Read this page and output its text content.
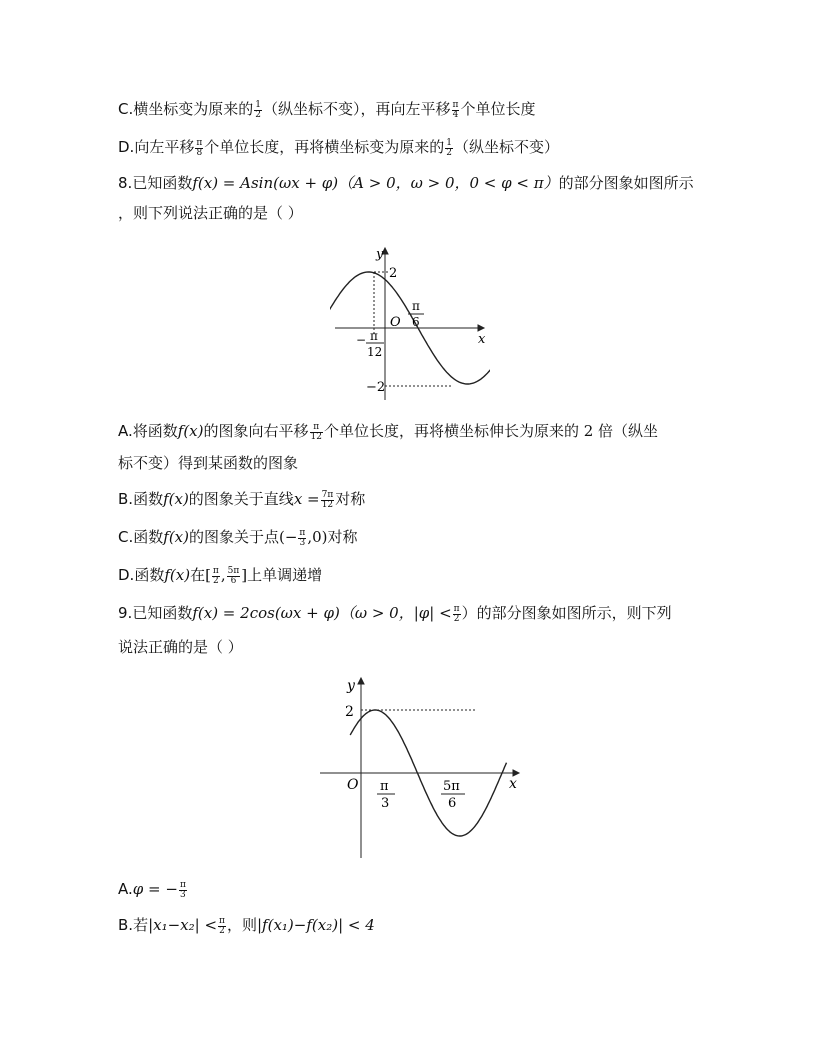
C.横坐标变为原来的 $\frac{1}{2}$ （纵坐标不变），再向左平移 $\frac{\pi}{4}$ 个单位长度
D.向左平移 $\frac{\pi}{8}$ 个单位长度，再将横坐标变为原来的 $\frac{1}{2}$ （纵坐标不变）
8.已知函数f(x) = Asin(ωx + φ)（A > 0，ω > 0，0 < φ < π）的部分图象如图所示
，则下列说法正确的是（ ）
y
x
2
−2
O
− π
12
π
6
A.将函数f(x)的图象向右平移 $\frac{\pi}{12}$ 个单位长度，再将横坐标伸长为原来的 2 倍（纵坐
标不变）得到某函数的图象
B.函数f(x)的图象关于直线$x = \frac{7\pi}{12}$ 对称
C.函数f(x)的图象关于点(− $\frac{\pi}{3} ,0$)对称
D.函数f(x)在[ $\frac{\pi}{2}$ , $\frac{5\pi}{6}$ ]上单调递增
9.已知函数f(x) = 2cos(ωx + φ)（ω > 0，$|\varphi| < \frac{\pi}{2}$ ）的部分图象如图所示，则下列
说法正确的是（ ）
y
x
2
O π
3
5π
6
A.φ = − $\frac{\pi}{3}$
B.若$|x_1-x_2| < \frac{\pi}{2}$ ，则|f(x₁)−f(x₂)| < 4
